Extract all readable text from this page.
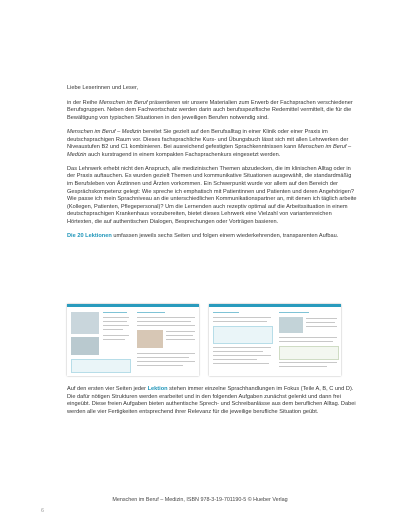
Liebe Leserinnen und Leser,

in der Reihe Menschen im Beruf präsentieren wir unsere Materialien zum Erwerb der Fachsprachen verschiedener Berufsgruppen. Neben dem Fachwortschatz werden darin auch berufsspezifische Redemittel vermittelt, die für die Bewältigung von typischen Situationen in den jeweiligen Berufen notwendig sind.

Menschen im Beruf – Medizin bereitet Sie gezielt auf den Berufsalltag in einer Klinik oder einer Praxis im deutschsprachigen Raum vor. Dieses fachsprachliche Kurs- und Übungsbuch lässt sich mit allen Lehrwerken der Niveaustufen B2 und C1 kombinieren. Bei ausreichend gefestigten Sprachkenntnissen kann Menschen im Beruf – Medizin auch kurstragend in einem kompakten Fachsprachenkurs eingesetzt werden.

Das Lehrwerk erhebt nicht den Anspruch, alle medizinischen Themen abzudecken, die im klinischen Alltag oder in der Praxis auftauchen. Es wurden gezielt Themen und kommunikative Situationen ausgewählt, die standardmäßig im Berufsleben von Ärztinnen und Ärzten vorkommen. Ein Schwerpunkt wurde vor allem auf den Bereich der Gesprächskompetenz gelegt: Wie spreche ich emphatisch mit Patientinnen und Patienten und deren Angehörigen? Wie passe ich mein Sprachniveau an die unterschiedlichen Kommunikationspartner an, mit denen ich täglich arbeite (Kollegen, Patienten, Pflegepersonal)? Um die Lernenden auch rezeptiv optimal auf die Arbeitssituation in einem deutschsprachigen Krankenhaus vorzubereiten, bietet dieses Lehrwerk eine Vielzahl von variantenreichen Hörtexten, die auf authentischen Dialogen, Besprechungen oder Vorträgen basieren.

Die 20 Lektionen umfassen jeweils sechs Seiten und folgen einem wiederkehrenden, transparenten Aufbau.

Auf den ersten vier Seiten jeder Lektion stehen immer einzelne Sprachhandlungen im Fokus (Teile A, B, C und D). Die dafür nötigen Strukturen werden erarbeitet und in den folgenden Aufgaben zunächst gelenkt und dann frei eingeübt. Diese freien Aufgaben bieten authentische Sprech- und Schreibanlässe aus dem beruflichen Alltag. Dabei werden alle vier Fertigkeiten entsprechend ihrer Relevanz für die jeweilige berufliche Situation geübt.

Menschen im Beruf – Medizin, ISBN 978-3-19-701190-5 © Hueber Verlag
6
